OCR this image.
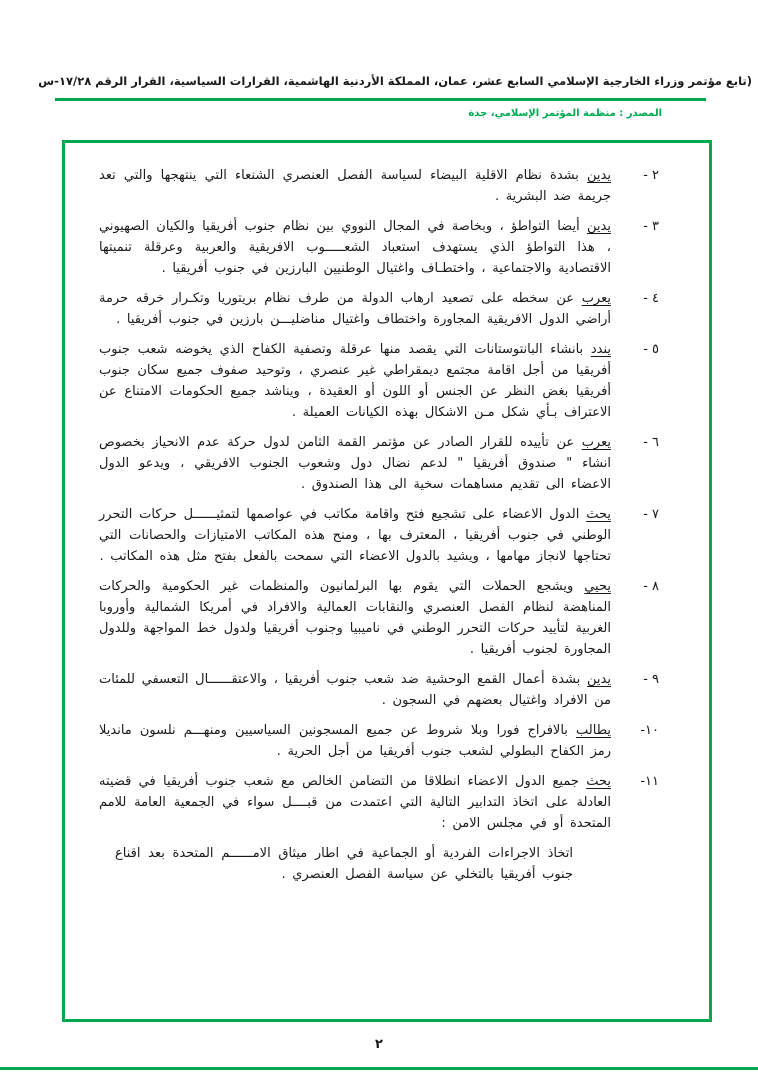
(تابع مؤتمر وزراء الخارجية الإسلامي السابع عشر، عمان، المملكة الأردنية الهاشمية، القرارات السياسية، القرار الرقم ١٧/٢٨-س
المصدر : منظمة المؤتمر الإسلامي، جدة
٢ -
يدين بشدة نظام الاقلية البيضاء لسياسة الفصل العنصري الشنعاء التي ينتهجها والتي تعد جريمة ضد البشرية .
٣ -
يدين أيضا التواطؤ ، وبخاصة في المجال النووي بين نظام جنوب أفريقيا والكيان الصهيوني ، هذا التواطؤ الذي يستهدف استعباد الشعـــــوب الافريقية والعربية وعرقلة تنميتها الاقتصادية والاجتماعية ، واختطـاف واغتيال الوطنيين البارزين في جنوب أفريقيا .
٤ -
يعرب عن سخطه على تصعيد ارهاب الدولة من طرف نظام بريتوريا وتكـرار خرقه حرمة أراضي الدول الافريقية المجاورة واختطاف واغتيال مناضليـــن بارزين في جنوب أفريقيا .
٥ -
يندد بانشاء البانتوستانات التي يقصد منها عرقلة وتصفية الكفاح الذي يخوضه شعب جنوب أفريقيا من أجل اقامة مجتمع ديمقراطي غير عنصري ، وتوحيد صفوف جميع سكان جنوب أفريقيا بغض النظر عن الجنس أو اللون أو العقيدة ، ويناشد جميع الحكومات الامتناع عن الاعتراف بـأي شكل مـن الاشكال بهذه الكيانات العميلة .
٦ -
يعرب عن تأييده للقرار الصادر عن مؤتمر القمة الثامن لدول حركة عدم الانحياز بخصوص انشاء " صندوق أفريقيا " لدعم نضال دول وشعوب الجنوب الافريقي ، ويدعو الدول الاعضاء الى تقديم مساهمات سخية الى هذا الصندوق .
٧ -
يحث الدول الاعضاء على تشجيع فتح واقامة مكاتب في عواصمها لتمثيــــــل حركات التحرر الوطني في جنوب أفريقيا ، المعترف بها ، ومنح هذه المكاتب الامتيازات والحصانات التي تحتاجها لانجاز مهامها ، ويشيد بالدول الاعضاء التي سمحت بالفعل بفتح مثل هذه المكاتب .
٨ -
يحيي ويشجع الحملات التي يقوم بها البرلمانيون والمنظمات غير الحكومية والحركات المناهضة لنظام الفصل العنصري والنقابات العمالية والافراد في أمريكا الشمالية وأوروبا الغربية لتأييد حركات التحرر الوطني في ناميبيا وجنوب أفريقيا ولدول خط المواجهة وللدول المجاورة لجنوب أفريقيا .
٩ -
يدين بشدة أعمال القمع الوحشية ضد شعب جنوب أفريقيا ، والاعتقــــــال التعسفي للمئات من الافراد واغتيال بعضهم في السجون .
١٠-
يطالب بالافراج فورا وبلا شروط عن جميع المسجونين السياسيين ومنهـــم نلسون مانديلا رمز الكفاح البطولي لشعب جنوب أفريقيا من أجل الحرية .
١١-
يحث جميع الدول الاعضاء انطلاقا من التضامن الخالص مع شعب جنوب أفريقيا في قضيته العادلة على اتخاذ التدابير التالية التي اعتمدت من قبــــل سواء في الجمعية العامة للامم المتحدة أو في مجلس الامن :
اتخاذ الاجراءات الفردية أو الجماعية في اطار ميثاق الامــــــم المتحدة بعد اقناع جنوب أفريقيا بالتخلي عن سياسة الفصل العنصري .
٢
